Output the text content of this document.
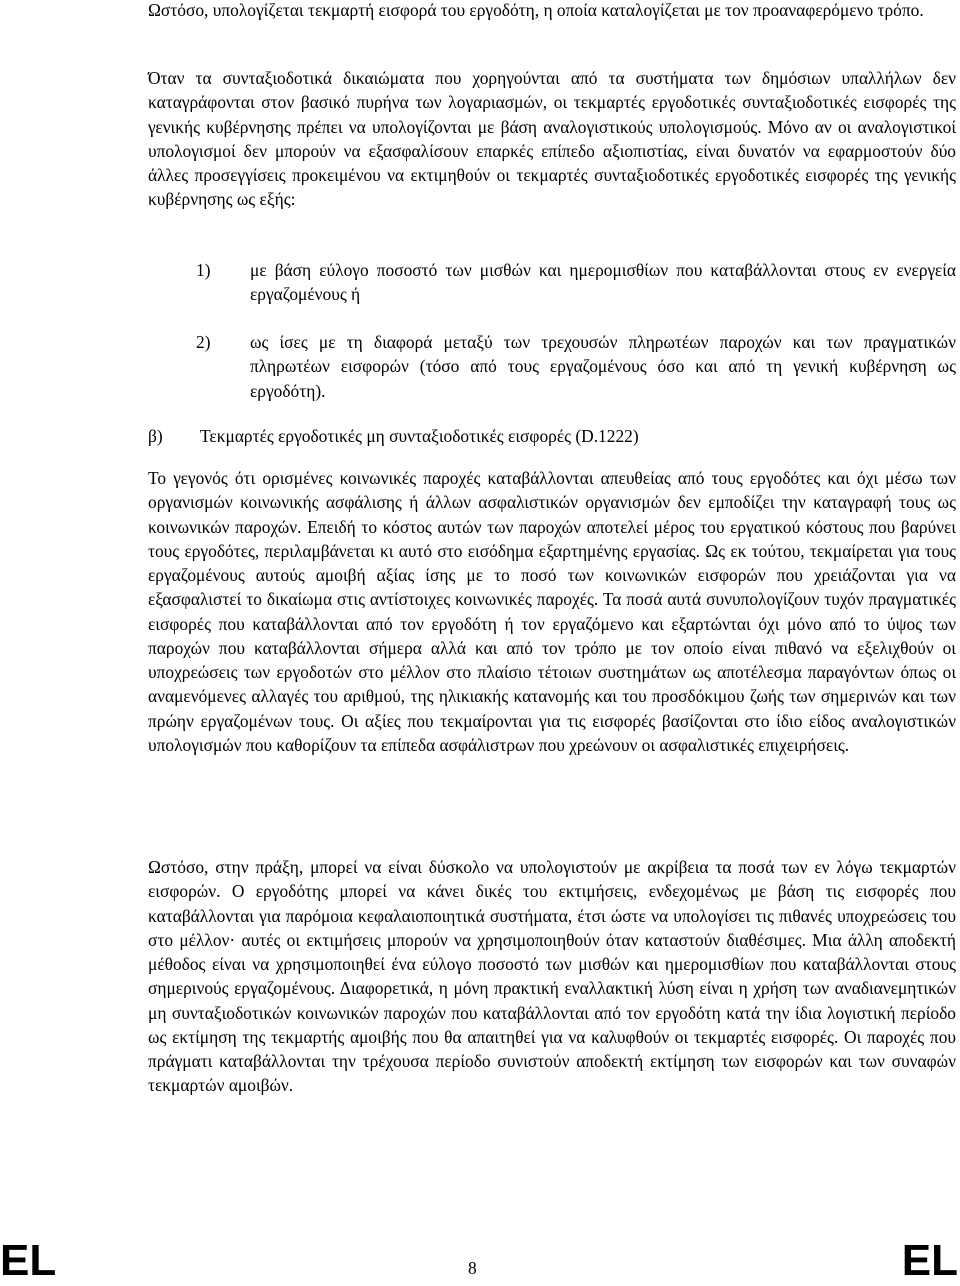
Ωστόσο, υπολογίζεται τεκμαρτή εισφορά του εργοδότη, η οποία καταλογίζεται με τον προαναφερόμενο τρόπο.

Όταν τα συνταξιοδοτικά δικαιώματα που χορηγούνται από τα συστήματα των δημόσιων υπαλλήλων δεν καταγράφονται στον βασικό πυρήνα των λογαριασμών, οι τεκμαρτές εργοδοτικές συνταξιοδοτικές εισφορές της γενικής κυβέρνησης πρέπει να υπολογίζονται με βάση αναλογιστικούς υπολογισμούς. Μόνο αν οι αναλογιστικοί υπολογισμοί δεν μπορούν να εξασφαλίσουν επαρκές επίπεδο αξιοπιστίας, είναι δυνατόν να εφαρμοστούν δύο άλλες προσεγγίσεις προκειμένου να εκτιμηθούν οι τεκμαρτές συνταξιοδοτικές εργοδοτικές εισφορές της γενικής κυβέρνησης ως εξής:

1) με βάση εύλογο ποσοστό των μισθών και ημερομισθίων που καταβάλλονται στους εν ενεργεία εργαζομένους ή
2) ως ίσες με τη διαφορά μεταξύ των τρεχουσών πληρωτέων παροχών και των πραγματικών πληρωτέων εισφορών (τόσο από τους εργαζομένους όσο και από τη γενική κυβέρνηση ως εργοδότη).
β) Τεκμαρτές εργοδοτικές μη συνταξιοδοτικές εισφορές (D.1222)

Το γεγονός ότι ορισμένες κοινωνικές παροχές καταβάλλονται απευθείας από τους εργοδότες και όχι μέσω των οργανισμών κοινωνικής ασφάλισης ή άλλων ασφαλιστικών οργανισμών δεν εμποδίζει την καταγραφή τους ως κοινωνικών παροχών. Επειδή το κόστος αυτών των παροχών αποτελεί μέρος του εργατικού κόστους που βαρύνει τους εργοδότες, περιλαμβάνεται κι αυτό στο εισόδημα εξαρτημένης εργασίας. Ως εκ τούτου, τεκμαίρεται για τους εργαζομένους αυτούς αμοιβή αξίας ίσης με το ποσό των κοινωνικών εισφορών που χρειάζονται για να εξασφαλιστεί το δικαίωμα στις αντίστοιχες κοινωνικές παροχές. Τα ποσά αυτά συνυπολογίζουν τυχόν πραγματικές εισφορές που καταβάλλονται από τον εργοδότη ή τον εργαζόμενο και εξαρτώνται όχι μόνο από το ύψος των παροχών που καταβάλλονται σήμερα αλλά και από τον τρόπο με τον οποίο είναι πιθανό να εξελιχθούν οι υποχρεώσεις των εργοδοτών στο μέλλον στο πλαίσιο τέτοιων συστημάτων ως αποτέλεσμα παραγόντων όπως οι αναμενόμενες αλλαγές του αριθμού, της ηλικιακής κατανομής και του προσδόκιμου ζωής των σημερινών και των πρώην εργαζομένων τους. Οι αξίες που τεκμαίρονται για τις εισφορές βασίζονται στο ίδιο είδος αναλογιστικών υπολογισμών που καθορίζουν τα επίπεδα ασφάλιστρων που χρεώνουν οι ασφαλιστικές επιχειρήσεις.

Ωστόσο, στην πράξη, μπορεί να είναι δύσκολο να υπολογιστούν με ακρίβεια τα ποσά των εν λόγω τεκμαρτών εισφορών. Ο εργοδότης μπορεί να κάνει δικές του εκτιμήσεις, ενδεχομένως με βάση τις εισφορές που καταβάλλονται για παρόμοια κεφαλαιοποιητικά συστήματα, έτσι ώστε να υπολογίσει τις πιθανές υποχρεώσεις του στο μέλλον· αυτές οι εκτιμήσεις μπορούν να χρησιμοποιηθούν όταν καταστούν διαθέσιμες. Μια άλλη αποδεκτή μέθοδος είναι να χρησιμοποιηθεί ένα εύλογο ποσοστό των μισθών και ημερομισθίων που καταβάλλονται στους σημερινούς εργαζομένους. Διαφορετικά, η μόνη πρακτική εναλλακτική λύση είναι η χρήση των αναδιανεμητικών μη συνταξιοδοτικών κοινωνικών παροχών που καταβάλλονται από τον εργοδότη κατά την ίδια λογιστική περίοδο ως εκτίμηση της τεκμαρτής αμοιβής που θα απαιτηθεί για να καλυφθούν οι τεκμαρτές εισφορές. Οι παροχές που πράγματι καταβάλλονται την τρέχουσα περίοδο συνιστούν αποδεκτή εκτίμηση των εισφορών και των συναφών τεκμαρτών αμοιβών.

EL	8	EL
